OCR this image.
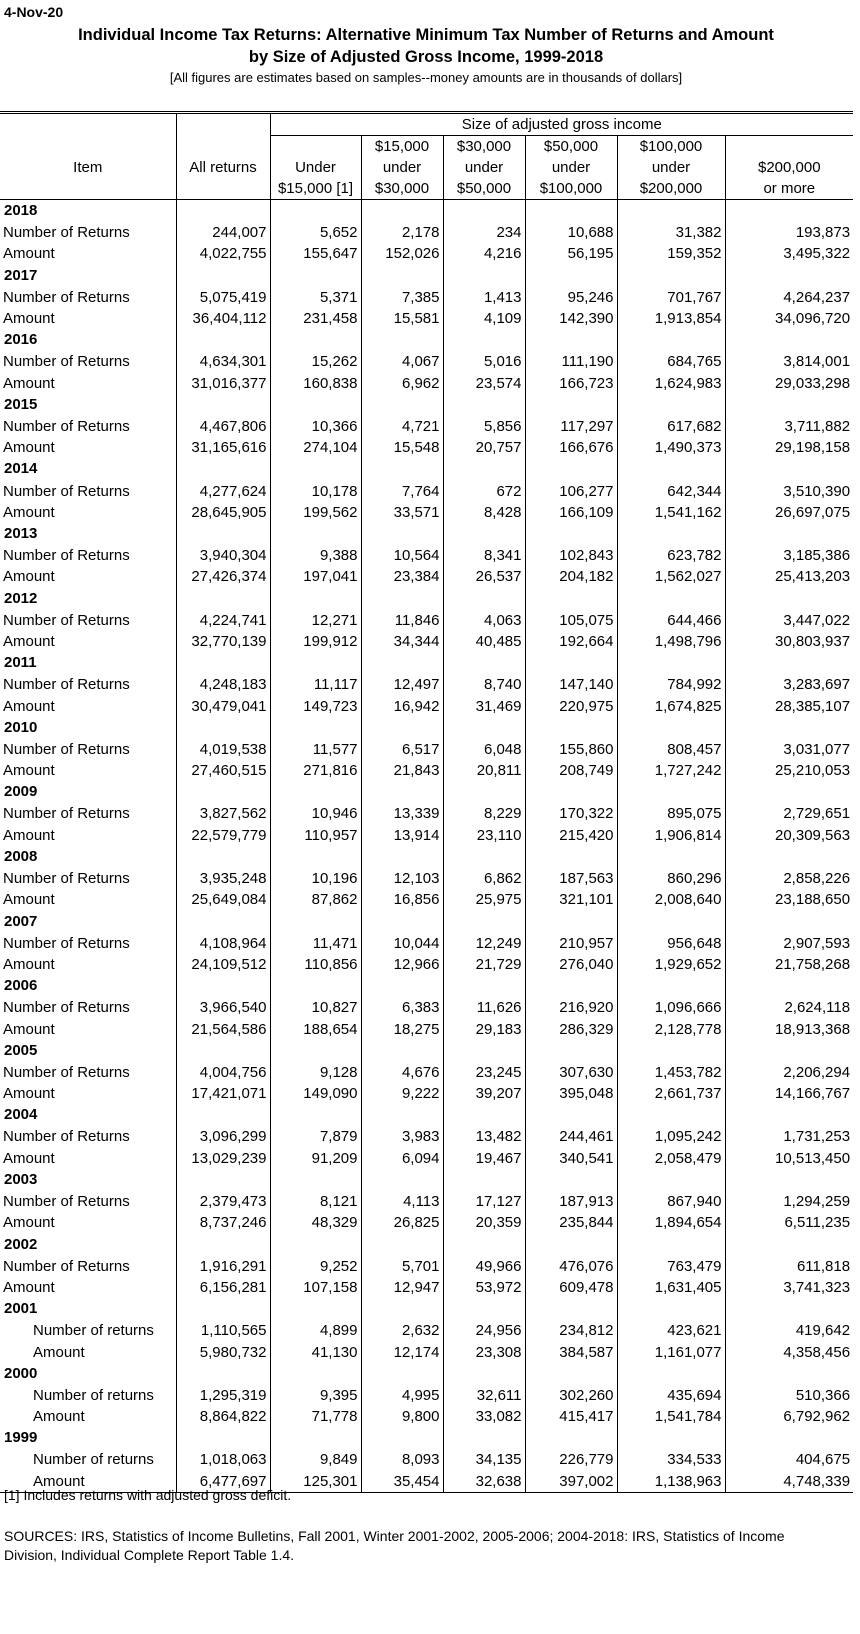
4-Nov-20
Individual Income Tax Returns: Alternative Minimum Tax Number of Returns and Amount
by Size of Adjusted Gross Income, 1999-2018
[All figures are estimates based on samples--money amounts are in thousands of dollars]
		Size of adjusted gross income					
			$15,000	$30,000	$50,000	$100,000	
Item	All returns	Under	under	under	under	under	$200,000
		$15,000 [1]	$30,000	$50,000	$100,000	$200,000	or more
2018							
Number of Returns	244,007	5,652	2,178	234	10,688	31,382	193,873
Amount	4,022,755	155,647	152,026	4,216	56,195	159,352	3,495,322
2017							
Number of Returns	5,075,419	5,371	7,385	1,413	95,246	701,767	4,264,237
Amount	36,404,112	231,458	15,581	4,109	142,390	1,913,854	34,096,720
2016							
Number of Returns	4,634,301	15,262	4,067	5,016	111,190	684,765	3,814,001
Amount	31,016,377	160,838	6,962	23,574	166,723	1,624,983	29,033,298
2015							
Number of Returns	4,467,806	10,366	4,721	5,856	117,297	617,682	3,711,882
Amount	31,165,616	274,104	15,548	20,757	166,676	1,490,373	29,198,158
2014							
Number of Returns	4,277,624	10,178	7,764	672	106,277	642,344	3,510,390
Amount	28,645,905	199,562	33,571	8,428	166,109	1,541,162	26,697,075
2013							
Number of Returns	3,940,304	9,388	10,564	8,341	102,843	623,782	3,185,386
Amount	27,426,374	197,041	23,384	26,537	204,182	1,562,027	25,413,203
2012							
Number of Returns	4,224,741	12,271	11,846	4,063	105,075	644,466	3,447,022
Amount	32,770,139	199,912	34,344	40,485	192,664	1,498,796	30,803,937
2011							
Number of Returns	4,248,183	11,117	12,497	8,740	147,140	784,992	3,283,697
Amount	30,479,041	149,723	16,942	31,469	220,975	1,674,825	28,385,107
2010							
Number of Returns	4,019,538	11,577	6,517	6,048	155,860	808,457	3,031,077
Amount	27,460,515	271,816	21,843	20,811	208,749	1,727,242	25,210,053
2009							
Number of Returns	3,827,562	10,946	13,339	8,229	170,322	895,075	2,729,651
Amount	22,579,779	110,957	13,914	23,110	215,420	1,906,814	20,309,563
2008							
Number of Returns	3,935,248	10,196	12,103	6,862	187,563	860,296	2,858,226
Amount	25,649,084	87,862	16,856	25,975	321,101	2,008,640	23,188,650
2007							
Number of Returns	4,108,964	11,471	10,044	12,249	210,957	956,648	2,907,593
Amount	24,109,512	110,856	12,966	21,729	276,040	1,929,652	21,758,268
2006							
Number of Returns	3,966,540	10,827	6,383	11,626	216,920	1,096,666	2,624,118
Amount	21,564,586	188,654	18,275	29,183	286,329	2,128,778	18,913,368
2005							
Number of Returns	4,004,756	9,128	4,676	23,245	307,630	1,453,782	2,206,294
Amount	17,421,071	149,090	9,222	39,207	395,048	2,661,737	14,166,767
2004							
Number of Returns	3,096,299	7,879	3,983	13,482	244,461	1,095,242	1,731,253
Amount	13,029,239	91,209	6,094	19,467	340,541	2,058,479	10,513,450
2003							
Number of Returns	2,379,473	8,121	4,113	17,127	187,913	867,940	1,294,259
Amount	8,737,246	48,329	26,825	20,359	235,844	1,894,654	6,511,235
2002							
Number of Returns	1,916,291	9,252	5,701	49,966	476,076	763,479	611,818
Amount	6,156,281	107,158	12,947	53,972	609,478	1,631,405	3,741,323
2001							
Number of returns	1,110,565	4,899	2,632	24,956	234,812	423,621	419,642
Amount	5,980,732	41,130	12,174	23,308	384,587	1,161,077	4,358,456
2000							
Number of returns	1,295,319	9,395	4,995	32,611	302,260	435,694	510,366
Amount	8,864,822	71,778	9,800	33,082	415,417	1,541,784	6,792,962
1999							
Number of returns	1,018,063	9,849	8,093	34,135	226,779	334,533	404,675
Amount	6,477,697	125,301	35,454	32,638	397,002	1,138,963	4,748,339
[1] Includes returns with adjusted gross deficit.
SOURCES: IRS, Statistics of Income Bulletins, Fall 2001, Winter 2001-2002, 2005-2006; 2004-2018: IRS, Statistics of Income Division, Individual Complete Report Table 1.4.
